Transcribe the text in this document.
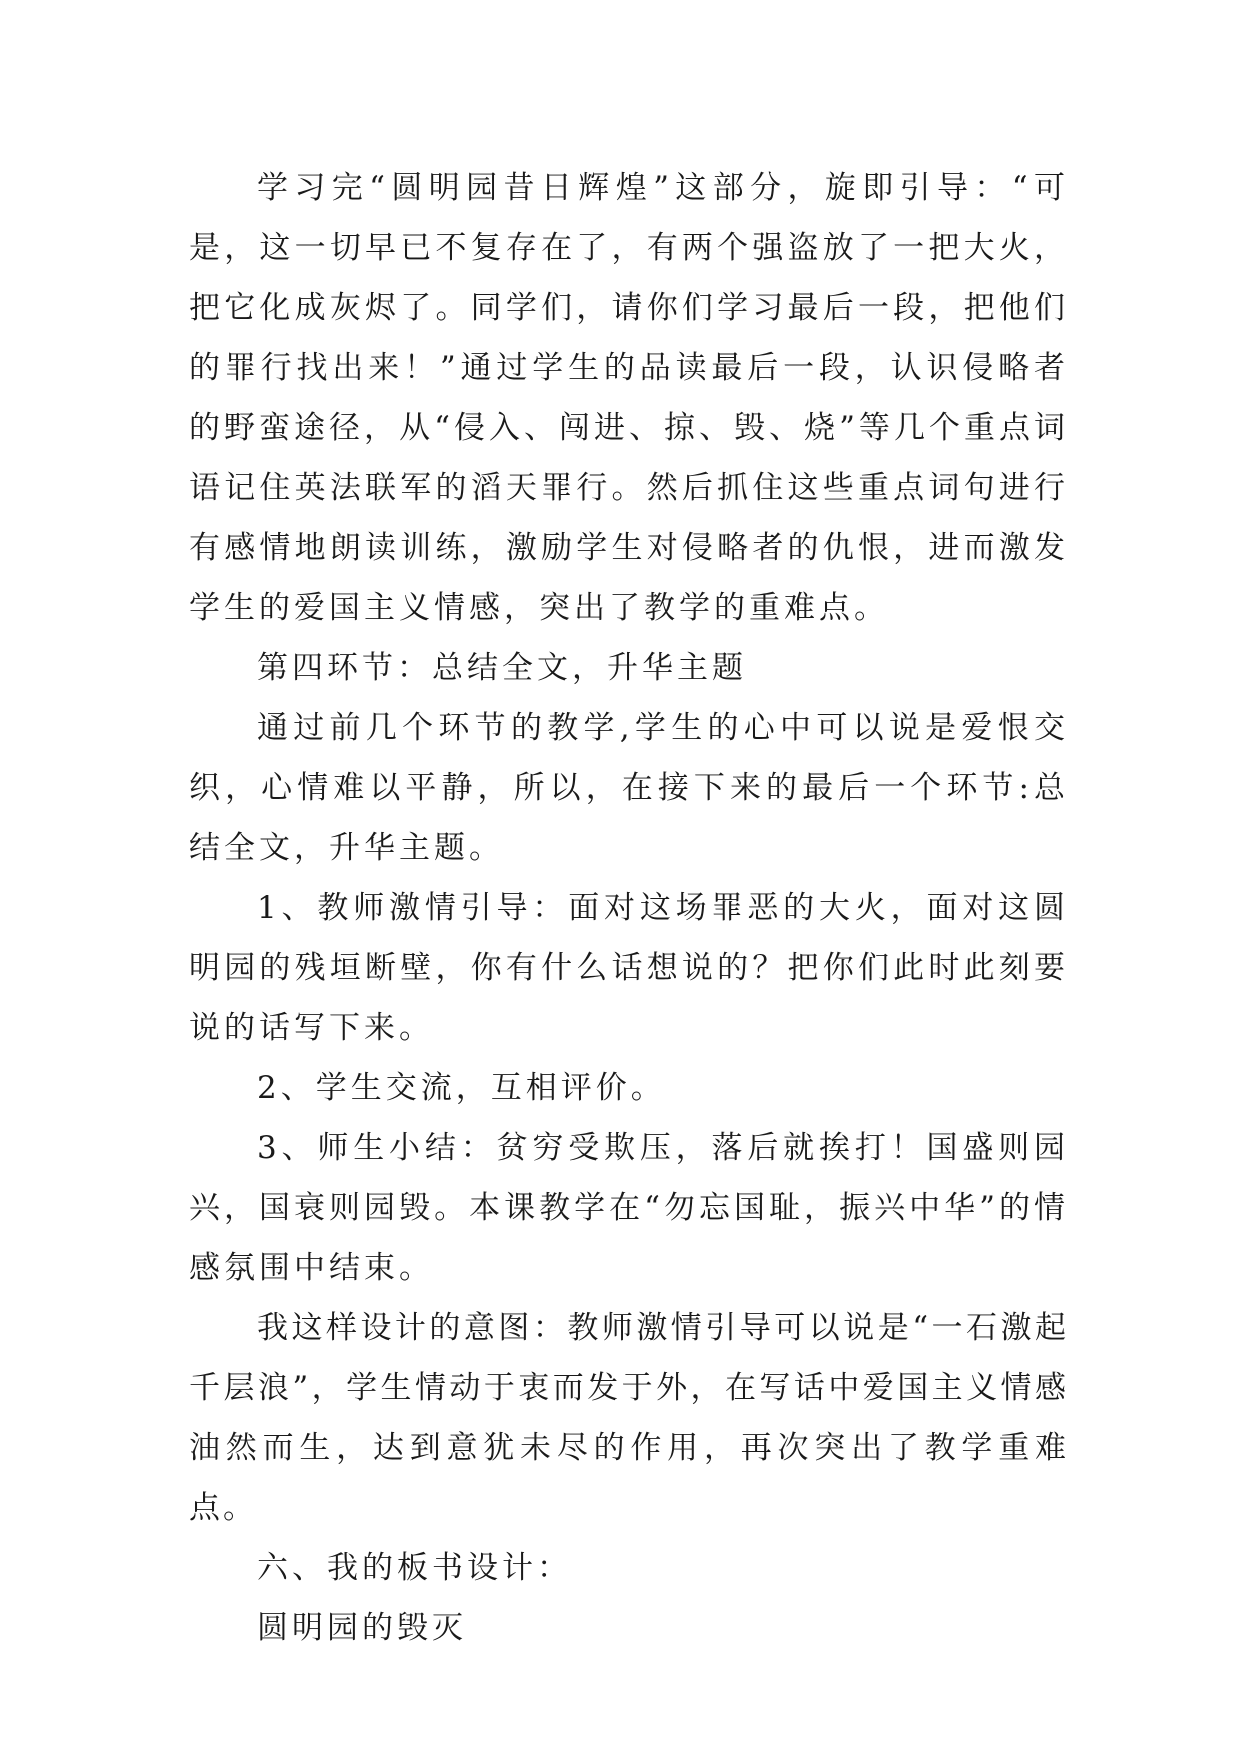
学习完“圆明园昔日辉煌”这部分，旋即引导：“可是，这一切早已不复存在了，有两个强盗放了一把大火，把它化成灰烬了。同学们，请你们学习最后一段，把他们的罪行找出来！”通过学生的品读最后一段，认识侵略者的野蛮途径，从“侵入、闯进、掠、毁、烧”等几个重点词语记住英法联军的滔天罪行。然后抓住这些重点词句进行有感情地朗读训练，激励学生对侵略者的仇恨，进而激发学生的爱国主义情感，突出了教学的重难点。

第四环节：总结全文，升华主题

通过前几个环节的教学,学生的心中可以说是爱恨交织，心情难以平静，所以，在接下来的最后一个环节:总结全文，升华主题。

1、教师激情引导：面对这场罪恶的大火，面对这圆明园的残垣断壁，你有什么话想说的？把你们此时此刻要说的话写下来。

2、学生交流，互相评价。

3、师生小结：贫穷受欺压，落后就挨打！国盛则园兴，国衰则园毁。本课教学在“勿忘国耻，振兴中华”的情感氛围中结束。

我这样设计的意图：教师激情引导可以说是“一石激起千层浪”，学生情动于衷而发于外，在写话中爱国主义情感油然而生，达到意犹未尽的作用，再次突出了教学重难点。

六、我的板书设计：

圆明园的毁灭
